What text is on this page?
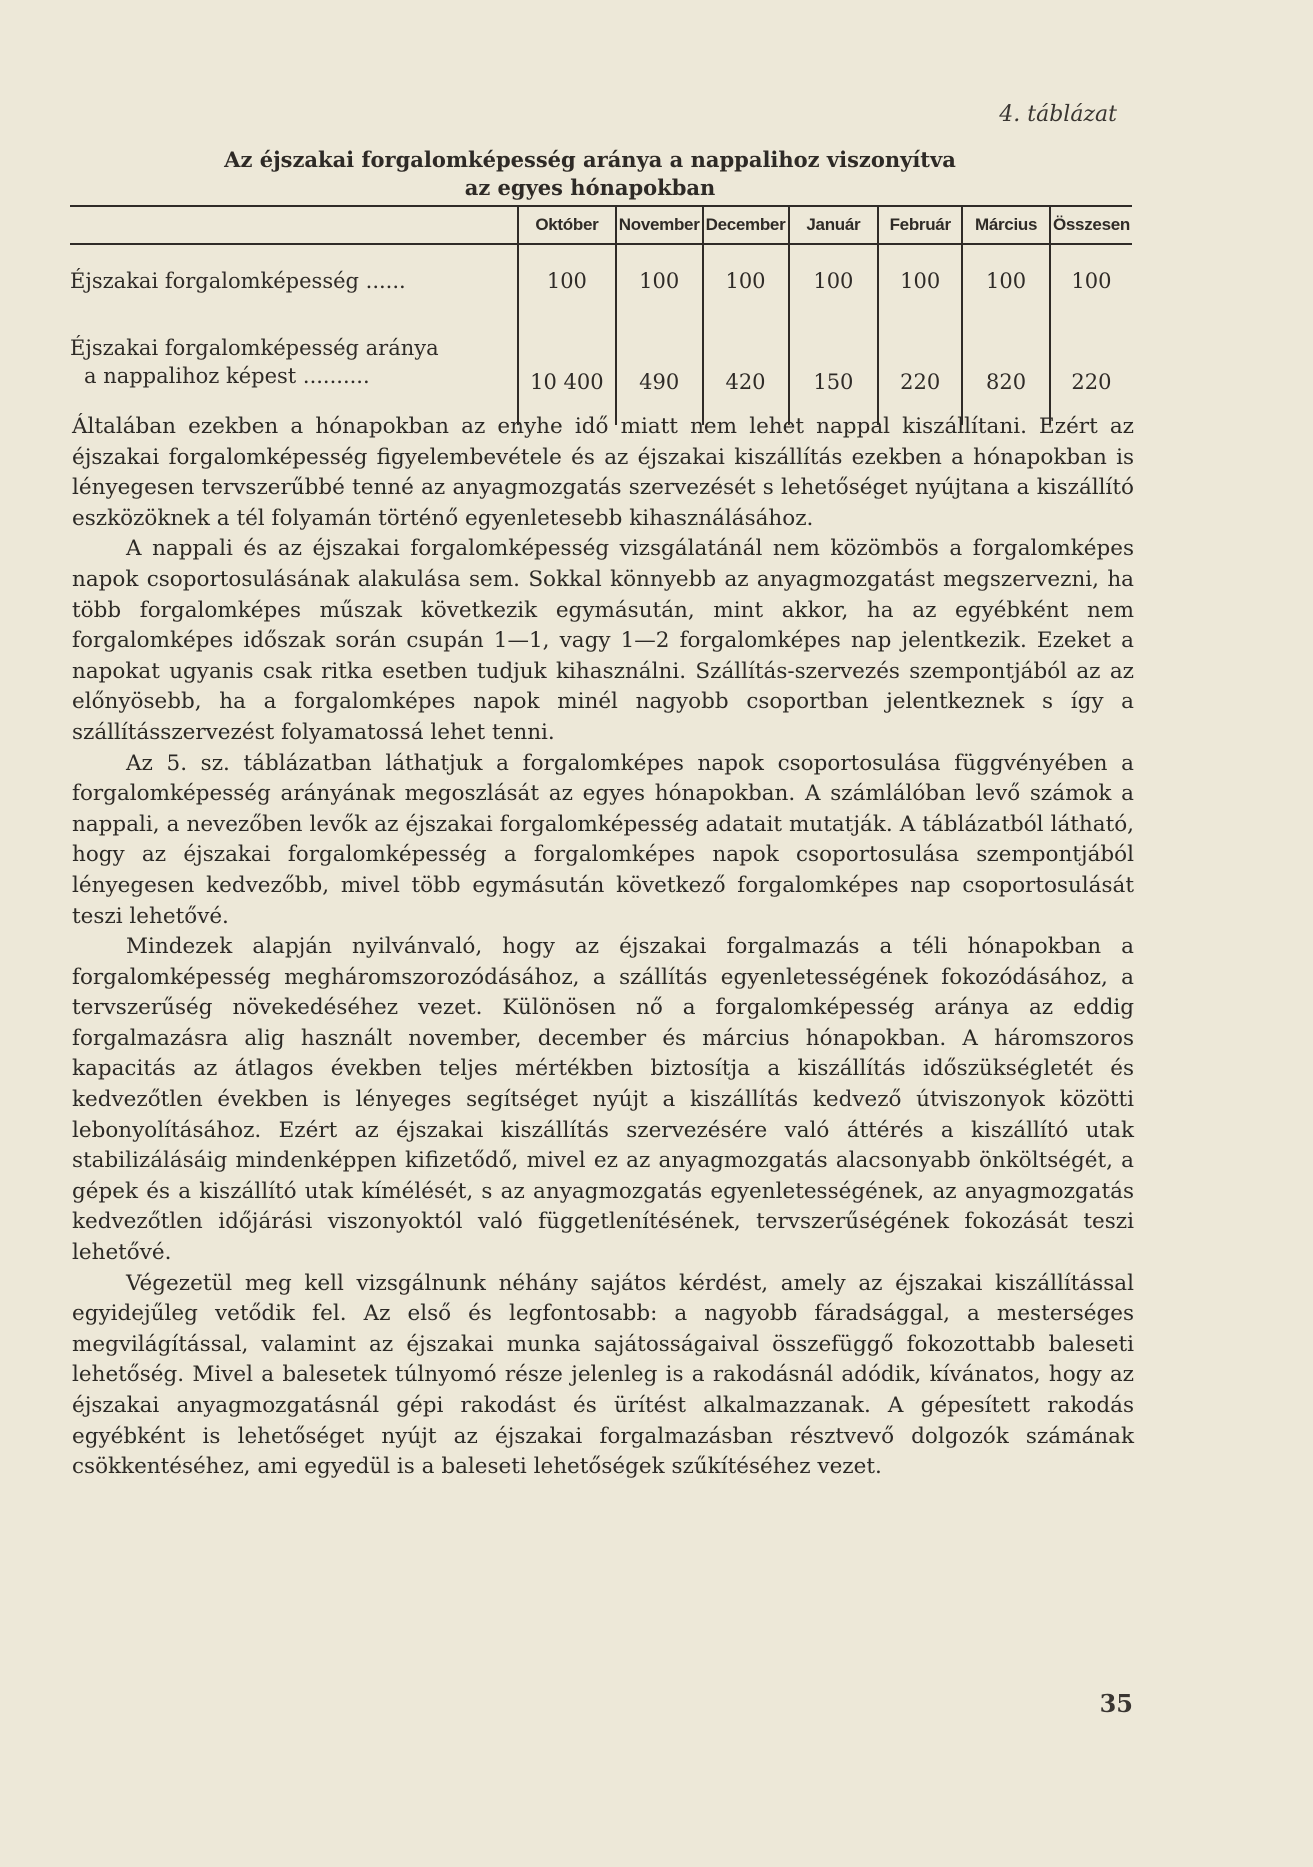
4. táblázat
Az éjszakai forgalomképesség aránya a nappalihoz viszonyítva
az egyes hónapokban
	Október	November	December	Január	Február	Március	Összesen
Éjszakai forgalomképesség ......	100	100	100	100	100	100	100

Éjszakai forgalomképesség aránya
a nappalihoz képest ..........	10 400	490	420	150	220	820	220

Általában ezekben a hónapokban az enyhe idő miatt nem lehet nappal kiszállítani. Ezért az éjszakai forgalomképesség figyelembevétele és az éjszakai kiszállítás ezekben a hónapokban is lényegesen tervszerűbbé tenné az anyagmozgatás szervezését s lehetőséget nyújtana a kiszállító eszközöknek a tél folyamán történő egyenletesebb kihasználásához.

A nappali és az éjszakai forgalomképesség vizsgálatánál nem közömbös a forgalomképes napok csoportosulásának alakulása sem. Sokkal könnyebb az anyagmozgatást megszervezni, ha több forgalomképes műszak következik egymásután, mint akkor, ha az egyébként nem forgalomképes időszak során csupán 1—1, vagy 1—2 forgalomképes nap jelentkezik. Ezeket a napokat ugyanis csak ritka esetben tudjuk kihasználni. Szállítás-szervezés szempontjából az az előnyösebb, ha a forgalomképes napok minél nagyobb csoportban jelentkeznek s így a szállításszervezést folyamatossá lehet tenni.

Az 5. sz. táblázatban láthatjuk a forgalomképes napok csoportosulása függvényében a forgalomképesség arányának megoszlását az egyes hónapokban. A számlálóban levő számok a nappali, a nevezőben levők az éjszakai forgalomképesség adatait mutatják. A táblázatból látható, hogy az éjszakai forgalomképesség a forgalomképes napok csoportosulása szempontjából lényegesen kedvezőbb, mivel több egymásután következő forgalomképes nap csoportosulását teszi lehetővé.

Mindezek alapján nyilvánvaló, hogy az éjszakai forgalmazás a téli hónapokban a forgalomképesség megháromszorozódásához, a szállítás egyenletességének fokozódásához, a tervszerűség növekedéséhez vezet. Különösen nő a forgalomképesség aránya az eddig forgalmazásra alig használt november, december és március hónapokban. A háromszoros kapacitás az átlagos években teljes mértékben biztosítja a kiszállítás időszükségletét és kedvezőtlen években is lényeges segítséget nyújt a kiszállítás kedvező útviszonyok közötti lebonyolításához. Ezért az éjszakai kiszállítás szervezésére való áttérés a kiszállító utak stabilizálásáig mindenképpen kifizetődő, mivel ez az anyagmozgatás alacsonyabb önköltségét, a gépek és a kiszállító utak kímélését, s az anyagmozgatás egyenletességének, az anyagmozgatás kedvezőtlen időjárási viszonyoktól való függetlenítésének, tervszerűségének fokozását teszi lehetővé.

Végezetül meg kell vizsgálnunk néhány sajátos kérdést, amely az éjszakai kiszállítással egyidejűleg vetődik fel. Az első és legfontosabb: a nagyobb fáradsággal, a mesterséges megvilágítással, valamint az éjszakai munka sajátosságaival összefüggő fokozottabb baleseti lehetőség. Mivel a balesetek túlnyomó része jelenleg is a rakodásnál adódik, kívánatos, hogy az éjszakai anyagmozgatásnál gépi rakodást és ürítést alkalmazzanak. A gépesített rakodás egyébként is lehetőséget nyújt az éjszakai forgalmazásban résztvevő dolgozók számának csökkentéséhez, ami egyedül is a baleseti lehetőségek szűkítéséhez vezet.

35
